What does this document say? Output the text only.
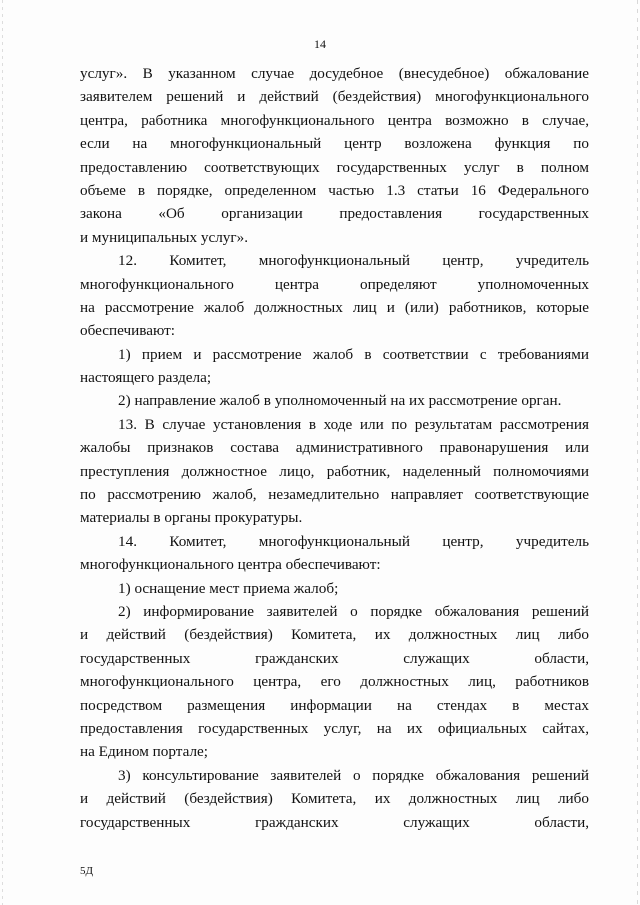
14
услуг». В указанном случае досудебное (внесудебное) обжалование
заявителем решений и действий (бездействия) многофункционального
центра, работника многофункционального центра возможно в случае,
если на многофункциональный центр возложена функция по
предоставлению соответствующих государственных услуг в полном
объеме в порядке, определенном частью 1.3 статьи 16 Федерального
закона «Об организации предоставления государственных
и муниципальных услуг».
12. Комитет, многофункциональный центр, учредитель
многофункционального центра определяют уполномоченных
на рассмотрение жалоб должностных лиц и (или) работников, которые
обеспечивают:
1) прием и рассмотрение жалоб в соответствии с требованиями
настоящего раздела;
2) направление жалоб в уполномоченный на их рассмотрение орган.
13. В случае установления в ходе или по результатам рассмотрения
жалобы признаков состава административного правонарушения или
преступления должностное лицо, работник, наделенный полномочиями
по рассмотрению жалоб, незамедлительно направляет соответствующие
материалы в органы прокуратуры.
14. Комитет, многофункциональный центр, учредитель
многофункционального центра обеспечивают:
1) оснащение мест приема жалоб;
2) информирование заявителей о порядке обжалования решений
и действий (бездействия) Комитета, их должностных лиц либо
государственных гражданских служащих области,
многофункционального центра, его должностных лиц, работников
посредством размещения информации на стендах в местах
предоставления государственных услуг, на их официальных сайтах,
на Едином портале;
3) консультирование заявителей о порядке обжалования решений
и действий (бездействия) Комитета, их должностных лиц либо
государственных гражданских служащих области,
5Д
